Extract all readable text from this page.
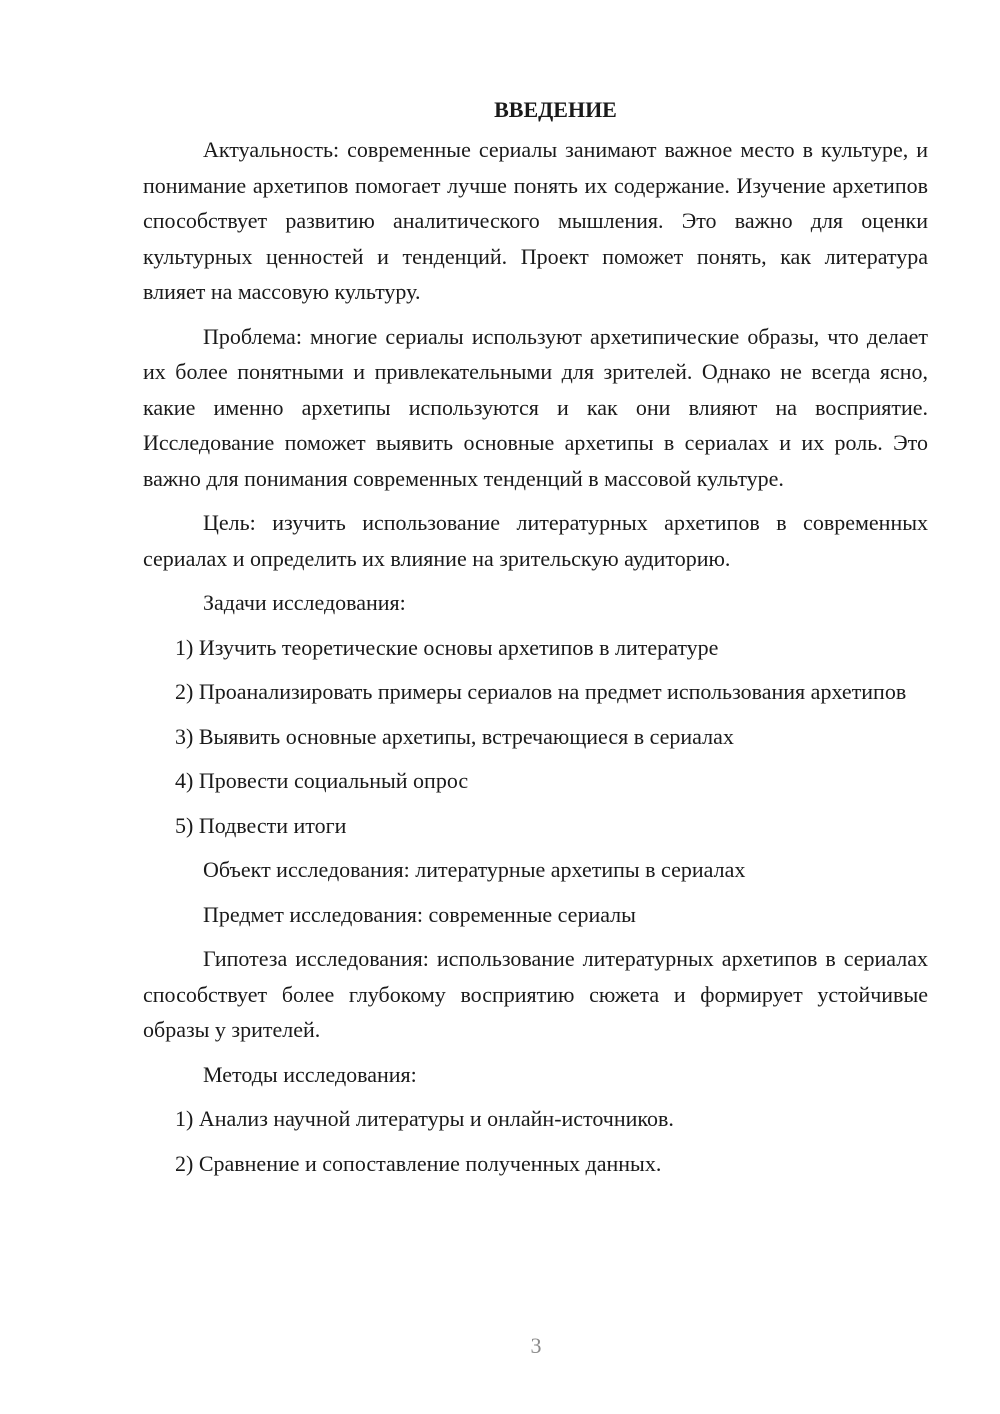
ВВЕДЕНИЕ

Актуальность: современные сериалы занимают важное место в культуре, и понимание архетипов помогает лучше понять их содержание. Изучение архетипов способствует развитию аналитического мышления. Это важно для оценки культурных ценностей и тенденций. Проект поможет понять, как литература влияет на массовую культуру.

Проблема: многие сериалы используют архетипические образы, что делает их более понятными и привлекательными для зрителей. Однако не всегда ясно, какие именно архетипы используются и как они влияют на восприятие. Исследование поможет выявить основные архетипы в сериалах и их роль. Это важно для понимания современных тенденций в массовой культуре.

Цель: изучить использование литературных архетипов в современных сериалах и определить их влияние на зрительскую аудиторию.

Задачи исследования:

1) Изучить теоретические основы архетипов в литературе

2) Проанализировать примеры сериалов на предмет использования архетипов

3) Выявить основные архетипы, встречающиеся в сериалах

4) Провести социальный опрос

5) Подвести итоги

Объект исследования: литературные архетипы в сериалах

Предмет исследования: современные сериалы

Гипотеза исследования: использование литературных архетипов в сериалах способствует более глубокому восприятию сюжета и формирует устойчивые образы у зрителей.

Методы исследования:

1) Анализ научной литературы и онлайн-источников.

2) Сравнение и сопоставление полученных данных.

3
